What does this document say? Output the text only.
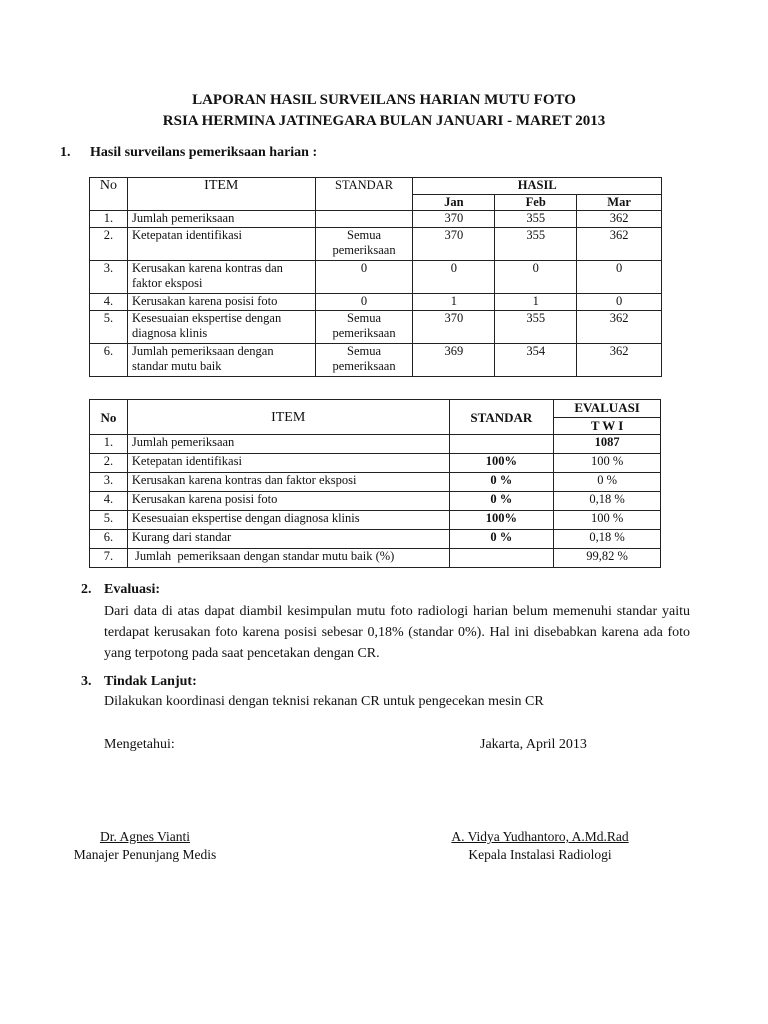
LAPORAN HASIL SURVEILANS HARIAN MUTU FOTO
RSIA HERMINA JATINEGARA BULAN JANUARI - MARET 2013
1. Hasil surveilans pemeriksaan harian :
No	ITEM	STANDAR	HASIL		
			Jan	Feb	Mar
1.	Jumlah pemeriksaan		370	355	362
2.	Ketepatan identifikasi	Semua pemeriksaan	370	355	362
3.	Kerusakan karena kontras dan faktor eksposi	0	0	0	0
4.	Kerusakan karena posisi foto	0	1	1	0
5.	Kesesuaian ekspertise dengan diagnosa klinis	Semua pemeriksaan	370	355	362
6.	Jumlah pemeriksaan dengan standar mutu baik	Semua pemeriksaan	369	354	362
No	ITEM	STANDAR	EVALUASI
			T W I
1.	Jumlah pemeriksaan		1087
2.	Ketepatan identifikasi	100%	100 %
3.	Kerusakan karena kontras dan faktor eksposi	0 %	0 %
4.	Kerusakan karena posisi foto	0 %	0,18 %
5.	Kesesuaian ekspertise dengan diagnosa klinis	100%	100 %
6.	Kurang dari standar	0 %	0,18 %
7.	Jumlah  pemeriksaan dengan standar mutu baik (%)		99,82 %
2. Evaluasi:

Dari data di atas dapat diambil kesimpulan mutu foto radiologi harian belum memenuhi standar yaitu terdapat kerusakan foto karena posisi sebesar 0,18% (standar 0%). Hal ini disebabkan karena ada foto yang terpotong pada saat pencetakan dengan CR.

3. Tindak Lanjut:

Dilakukan koordinasi dengan teknisi rekanan CR untuk pengecekan mesin CR

Mengetahui:	Jakarta, April 2013
Dr. Agnes Vianti
Manajer Penunjang Medis
A. Vidya Yudhantoro, A.Md.Rad
Kepala Instalasi Radiologi
